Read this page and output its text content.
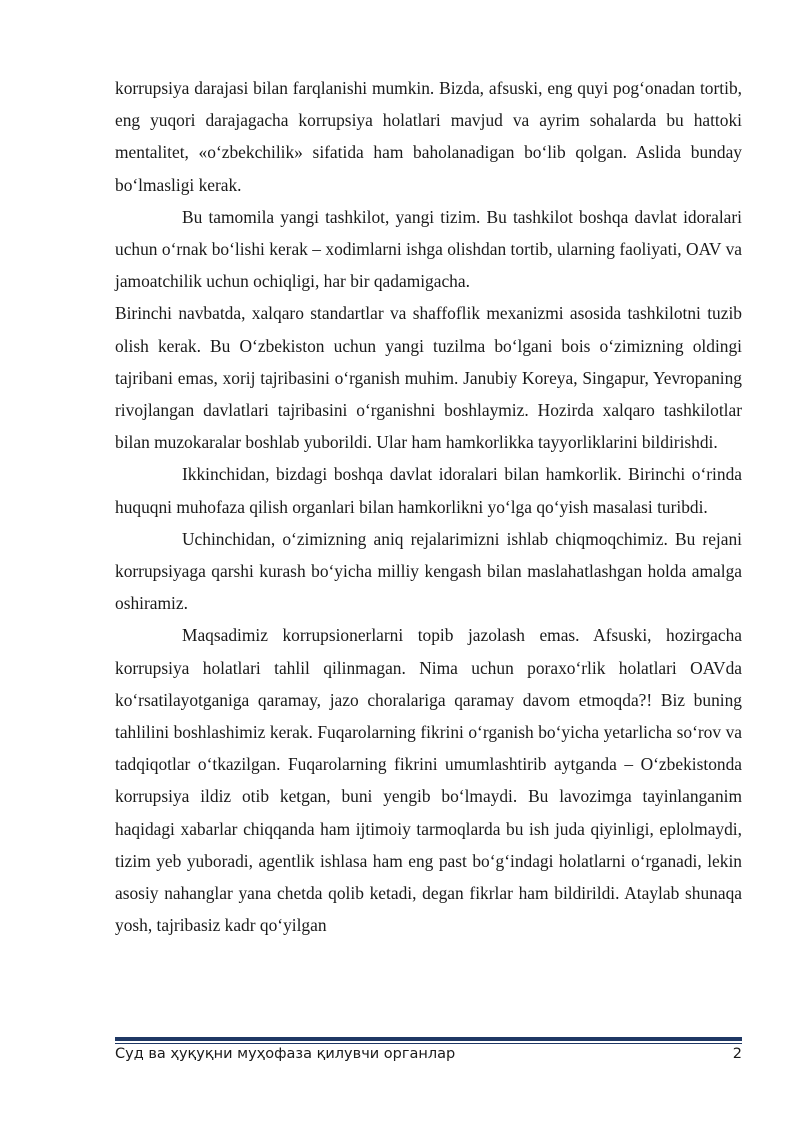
korrupsiya darajasi bilan farqlanishi mumkin. Bizda, afsuski, eng quyi pog‘onadan tortib, eng yuqori darajagacha korrupsiya holatlari mavjud va ayrim sohalarda bu hattoki mentalitet, «o‘zbekchilik» sifatida ham baholanadigan bo‘lib qolgan. Aslida bunday bo‘lmasligi kerak.

Bu tamomila yangi tashkilot, yangi tizim. Bu tashkilot boshqa davlat idoralari uchun o‘rnak bo‘lishi kerak – xodimlarni ishga olishdan tortib, ularning faoliyati, OAV va jamoatchilik uchun ochiqligi, har bir qadamigacha.

Birinchi navbatda, xalqaro standartlar va shaffoflik mexanizmi asosida tashkilotni tuzib olish kerak. Bu O‘zbekiston uchun yangi tuzilma bo‘lgani bois o‘zimizning oldingi tajribani emas, xorij tajribasini o‘rganish muhim. Janubiy Koreya, Singapur, Yevropaning rivojlangan davlatlari tajribasini o‘rganishni boshlaymiz. Hozirda xalqaro tashkilotlar bilan muzokaralar boshlab yuborildi. Ular ham hamkorlikka tayyorliklarini bildirishdi.

Ikkinchidan, bizdagi boshqa davlat idoralari bilan hamkorlik. Birinchi o‘rinda huquqni muhofaza qilish organlari bilan hamkorlikni yo‘lga qo‘yish masalasi turibdi.

Uchinchidan, o‘zimizning aniq rejalarimizni ishlab chiqmoqchimiz. Bu rejani korrupsiyaga qarshi kurash bo‘yicha milliy kengash bilan maslahatlashgan holda amalga oshiramiz.

Maqsadimiz korrupsionerlarni topib jazolash emas. Afsuski, hozirgacha korrupsiya holatlari tahlil qilinmagan. Nima uchun poraxo‘rlik holatlari OAVda ko‘rsatilayotganiga qaramay, jazo choralariga qaramay davom etmoqda?! Biz buning tahlilini boshlashimiz kerak. Fuqarolarning fikrini o‘rganish bo‘yicha yetarlicha so‘rov va tadqiqotlar o‘tkazilgan. Fuqarolarning fikrini umumlashtirib aytganda – O‘zbekistonda korrupsiya ildiz otib ketgan, buni yengib bo‘lmaydi. Bu lavozimga tayinlanganim haqidagi xabarlar chiqqanda ham ijtimoiy tarmoqlarda bu ish juda qiyinligi, eplolmaydi, tizim yeb yuboradi, agentlik ishlasa ham eng past bo‘g‘indagi holatlarni o‘rganadi, lekin asosiy nahanglar yana chetda qolib ketadi, degan fikrlar ham bildirildi. Ataylab shunaqa yosh, tajribasiz kadr qo‘yilgan

Суд ва ҳуқуқни муҳофаза қилувчи органлар	2
